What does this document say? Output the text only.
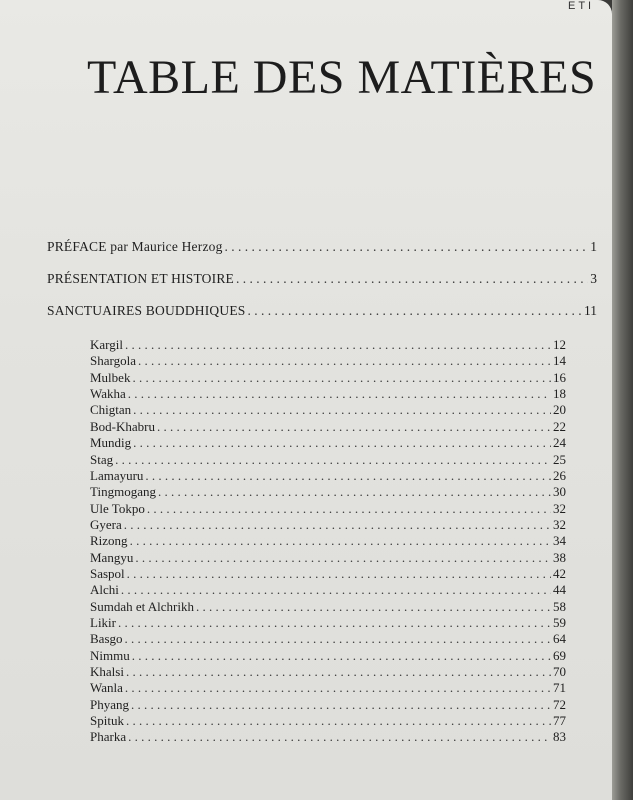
ETI
TABLE DES MATIÈRES
PRÉFACE par Maurice Herzog . . .	1
PRÉSENTATION ET HISTOIRE . . .	3
SANCTUAIRES BOUDDHIQUES . . .	11
Kargil . . .	12
Shargola . . .	14
Mulbek . . .	16
Wakha . . .	18
Chigtan . . .	20
Bod-Khabru . . .	22
Mundig . . .	24
Stag . . .	25
Lamayuru . . .	26
Tingmogang . . .	30
Ule Tokpo . . .	32
Gyera . . .	32
Rizong . . .	34
Mangyu . . .	38
Saspol . . .	42
Alchi . . .	44
Sumdah et Alchrikh . . .	58
Likir . . .	59
Basgo . . .	64
Nimmu . . .	69
Khalsi . . .	70
Wanla . . .	71
Phyang . . .	72
Spituk . . .	77
Pharka . . .	83
